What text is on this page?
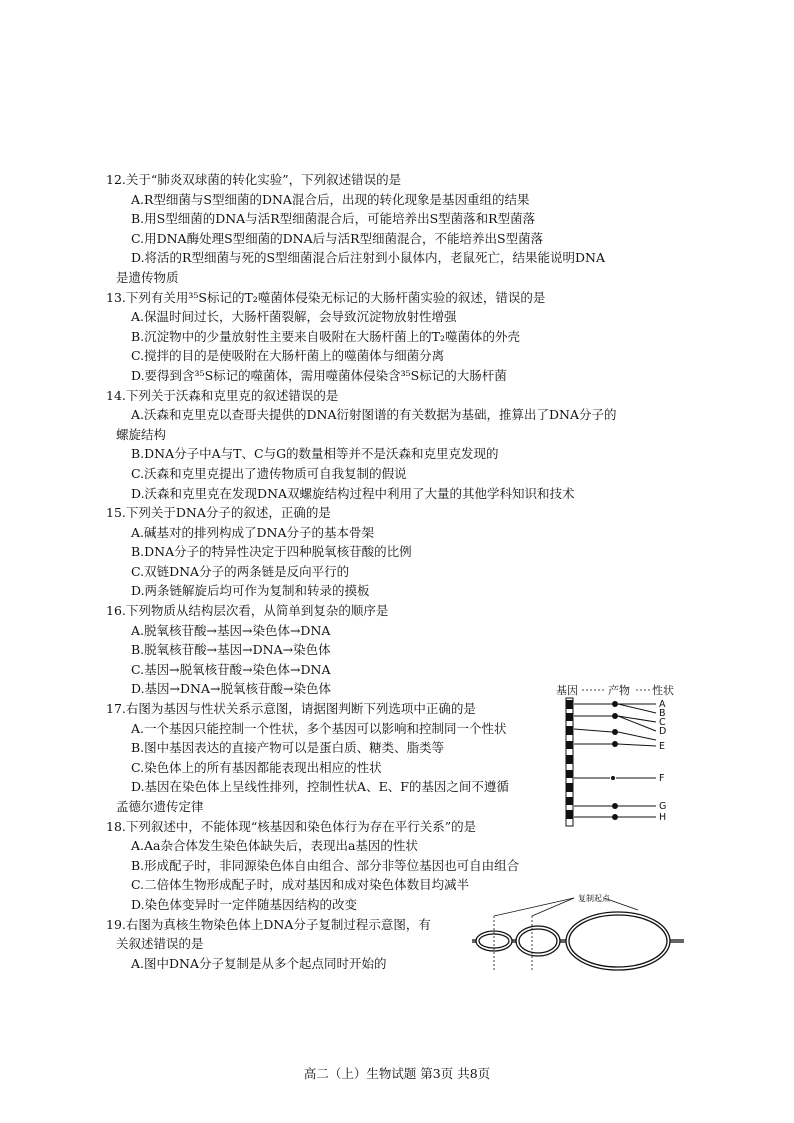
12.关于“肺炎双球菌的转化实验”，下列叙述错误的是

A.R型细菌与S型细菌的DNA混合后，出现的转化现象是基因重组的结果

B.用S型细菌的DNA与活R型细菌混合后，可能培养出S型菌落和R型菌落

C.用DNA酶处理S型细菌的DNA后与活R型细菌混合，不能培养出S型菌落

D.将活的R型细菌与死的S型细菌混合后注射到小鼠体内，老鼠死亡，结果能说明DNA

是遗传物质

13.下列有关用³⁵S标记的T₂噬菌体侵染无标记的大肠杆菌实验的叙述，错误的是

A.保温时间过长，大肠杆菌裂解，会导致沉淀物放射性增强

B.沉淀物中的少量放射性主要来自吸附在大肠杆菌上的T₂噬菌体的外壳

C.搅拌的目的是使吸附在大肠杆菌上的噬菌体与细菌分离

D.要得到含³⁵S标记的噬菌体，需用噬菌体侵染含³⁵S标记的大肠杆菌

14.下列关于沃森和克里克的叙述错误的是

A.沃森和克里克以查哥夫提供的DNA衍射图谱的有关数据为基础，推算出了DNA分子的

螺旋结构

B.DNA分子中A与T、C与G的数量相等并不是沃森和克里克发现的

C.沃森和克里克提出了遗传物质可自我复制的假说

D.沃森和克里克在发现DNA双螺旋结构过程中利用了大量的其他学科知识和技术

15.下列关于DNA分子的叙述，正确的是

A.碱基对的排列构成了DNA分子的基本骨架

B.DNA分子的特异性决定于四种脱氧核苷酸的比例

C.双链DNA分子的两条链是反向平行的

D.两条链解旋后均可作为复制和转录的摸板

16.下列物质从结构层次看，从简单到复杂的顺序是

A.脱氧核苷酸→基因→染色体→DNA

B.脱氧核苷酸→基因→DNA→染色体

C.基因→脱氧核苷酸→染色体→DNA

D.基因→DNA→脱氧核苷酸→染色体

17.右图为基因与性状关系示意图，请据图判断下列选项中正确的是

A.一个基因只能控制一个性状，多个基因可以影响和控制同一个性状

B.图中基因表达的直接产物可以是蛋白质、糖类、脂类等

C.染色体上的所有基因都能表现出相应的性状

D.基因在染色体上呈线性排列，控制性状A、E、F的基因之间不遵循

孟德尔遗传定律

18.下列叙述中，不能体现“核基因和染色体行为存在平行关系”的是

A.Aa杂合体发生染色体缺失后，表现出a基因的性状

B.形成配子时，非同源染色体自由组合、部分非等位基因也可自由组合

C.二倍体生物形成配子时，成对基因和成对染色体数目均减半

D.染色体变异时一定伴随基因结构的改变

19.右图为真核生物染色体上DNA分子复制过程示意图，有

关叙述错误的是

A.图中DNA分子复制是从多个起点同时开始的

基因	产物 性状
A
B
C
D
E
F
G
H
复制起点
高二（上）生物试题 第3页 共8页
